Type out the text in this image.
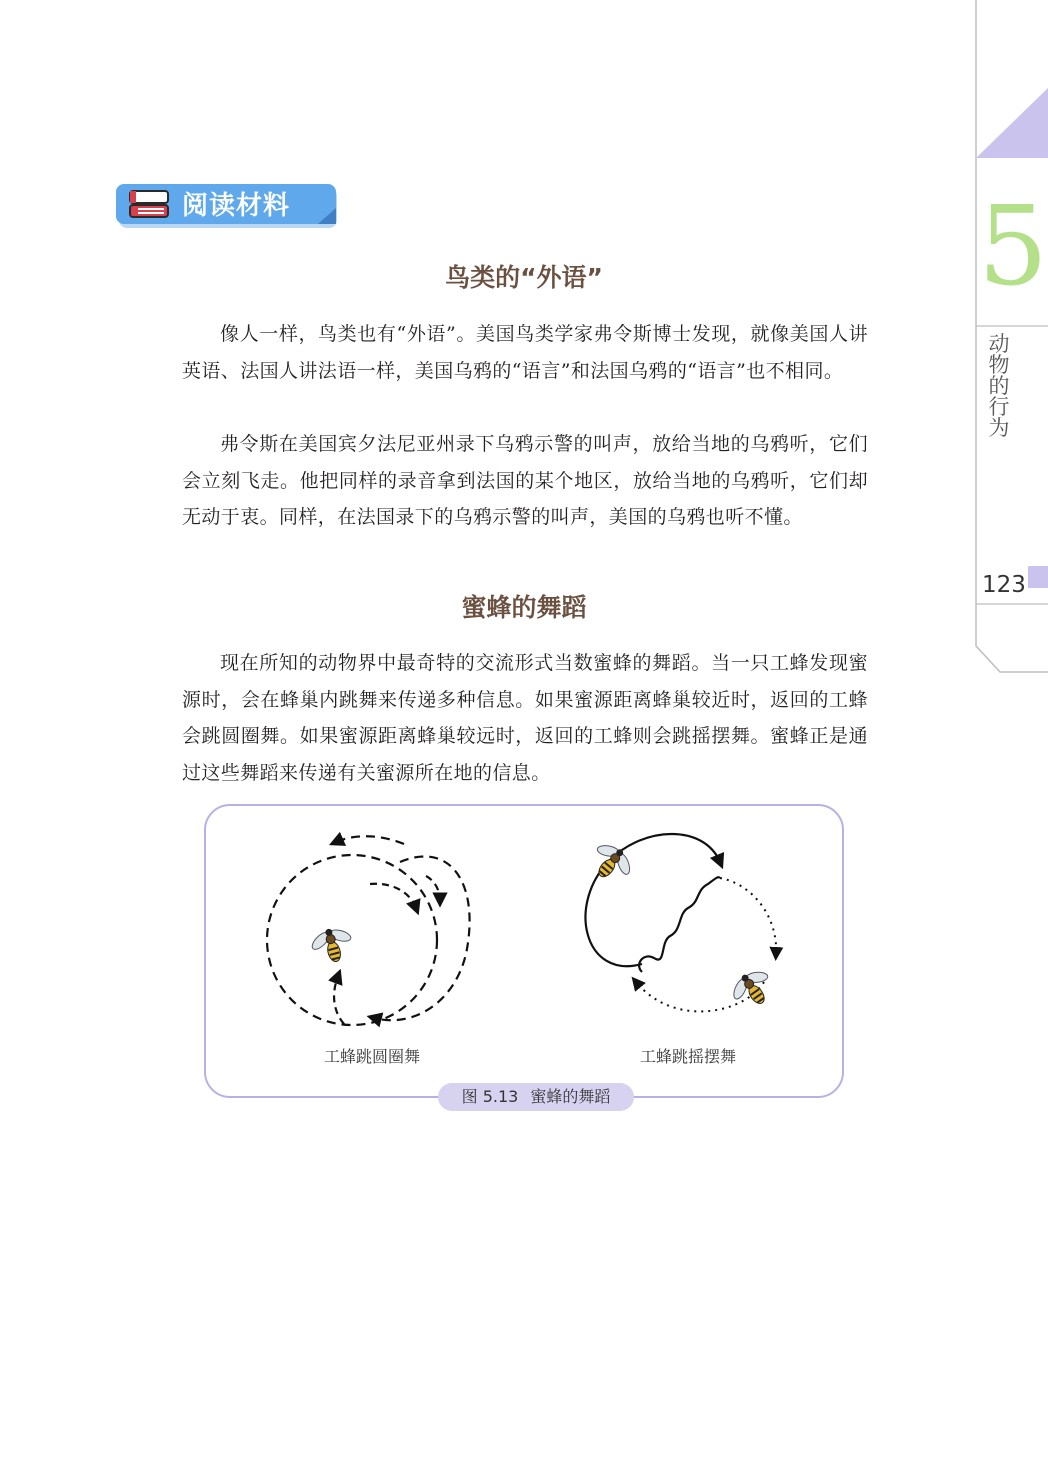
5
动
物
的
行
为
123
阅读材料
鸟类的“外语”

像人一样，鸟类也有“外语”。美国鸟类学家弗令斯博士发现，就像美国人讲英语、法国人讲法语一样，美国乌鸦的“语言”和法国乌鸦的“语言”也不相同。

弗令斯在美国宾夕法尼亚州录下乌鸦示警的叫声，放给当地的乌鸦听，它们会立刻飞走。他把同样的录音拿到法国的某个地区，放给当地的乌鸦听，它们却无动于衷。同样，在法国录下的乌鸦示警的叫声，美国的乌鸦也听不懂。

蜜蜂的舞蹈

现在所知的动物界中最奇特的交流形式当数蜜蜂的舞蹈。当一只工蜂发现蜜源时，会在蜂巢内跳舞来传递多种信息。如果蜜源距离蜂巢较近时，返回的工蜂会跳圆圈舞。如果蜜源距离蜂巢较远时，返回的工蜂则会跳摇摆舞。蜜蜂正是通过这些舞蹈来传递有关蜜源所在地的信息。

工蜂跳圆圈舞	工蜂跳摇摆舞
图 5.13 蜜蜂的舞蹈
